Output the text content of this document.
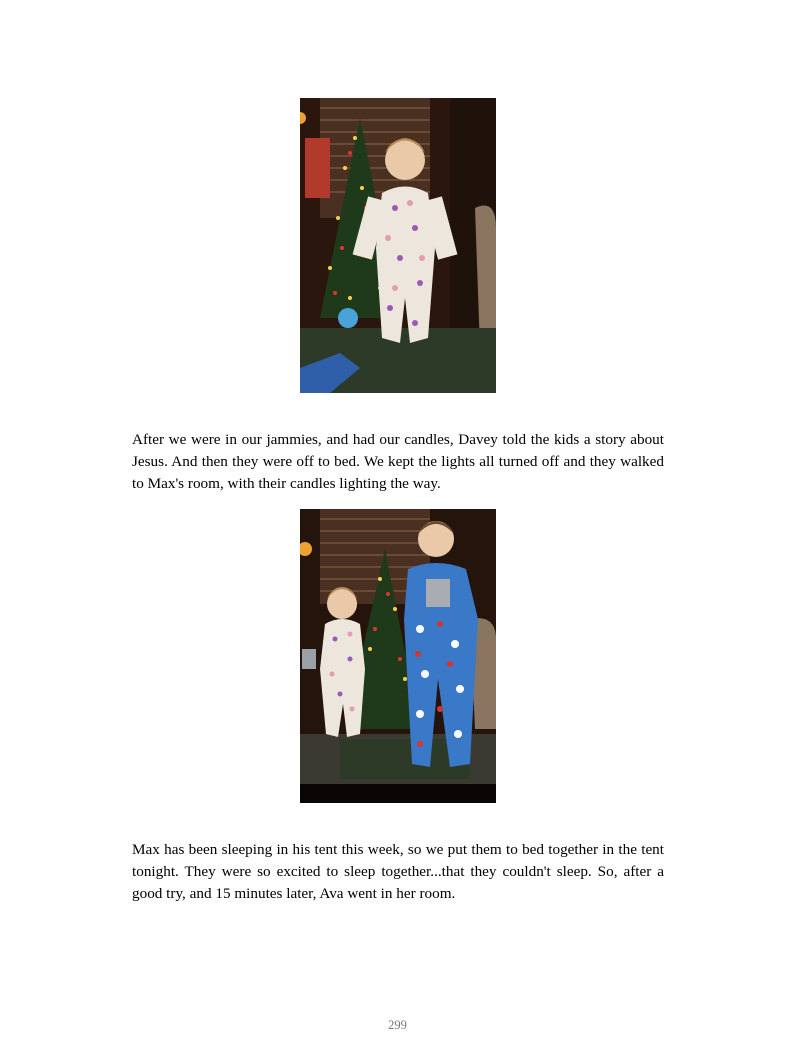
After we were in our jammies, and had our candles, Davey told the kids a story about Jesus. And then they were off to bed. We kept the lights all turned off and they walked to Max's room, with their candles lighting the way.

Max has been sleeping in his tent this week, so we put them to bed together in the tent tonight. They were so excited to sleep together...that they couldn't sleep. So, after a good try, and 15 minutes later, Ava went in her room.

299
